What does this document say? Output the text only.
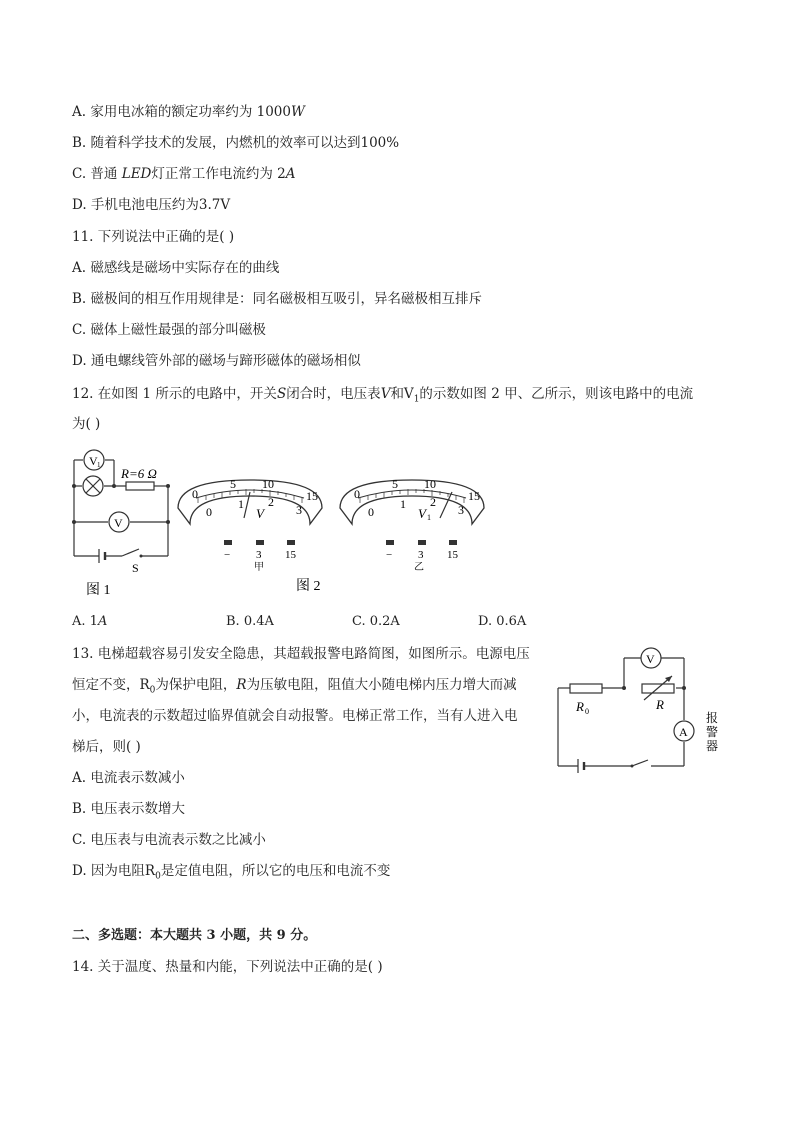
A. 家用电冰箱的额定功率约为 1000W
B. 随着科学技术的发展，内燃机的效率可以达到100%
C. 普通 LED灯正常工作电流约为 2A
D. 手机电池电压约为3.7V
11. 下列说法中正确的是( )
A. 磁感线是磁场中实际存在的曲线
B. 磁极间的相互作用规律是：同名磁极相互吸引，异名磁极相互排斥
C. 磁体上磁性最强的部分叫磁极
D. 通电螺线管外部的磁场与蹄形磁体的磁场相似
12. 在如图 1 所示的电路中，开关S闭合时，电压表V和$V_1$的示数如图 2 甲、乙所示，则该电路中的电流
为( )
V 1
R=6 Ω
V
S
图 1
0
5 10
15
0
1 2
3
V
− 3 15
甲
0
5 10
15
0
1 2
3
V 1
− 3 15
乙
图 2
A. 1A	B. 0.4A	C. 0.2A	D. 0.6A
13. 电梯超载容易引发安全隐患，其超载报警电路简图，如图所示。电源电压
恒定不变，$R_0$为保护电阻，R为压敏电阻，阻值大小随电梯内压力增大而减
小，电流表的示数超过临界值就会自动报警。电梯正常工作，当有人进入电
梯后，则( )
A. 电流表示数减小
B. 电压表示数增大
C. 电压表与电流表示数之比减小
D. 因为电阻$R_0$是定值电阻，所以它的电压和电流不变
R 0	R
V
A
报
警
器
二、多选题：本大题共 3 小题，共 9 分。
14. 关于温度、热量和内能，下列说法中正确的是( )
